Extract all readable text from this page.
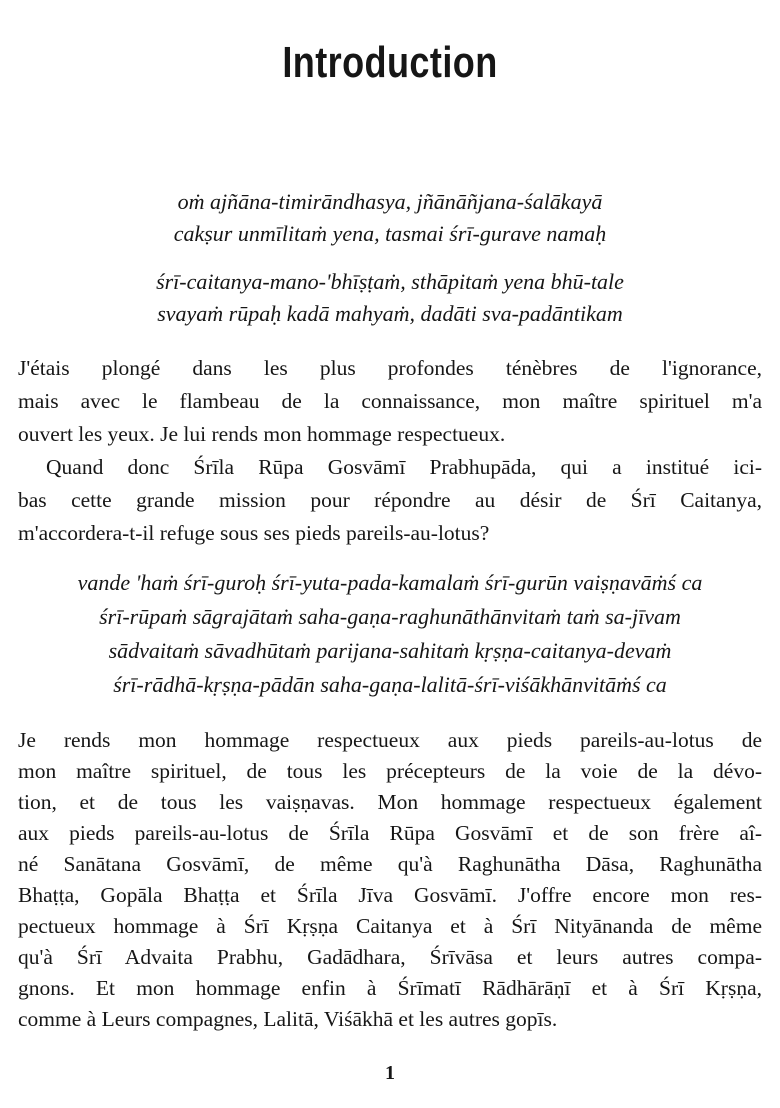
Introduction
oṁ ajñāna-timirāndhasya, jñānāñjana-śalākayā
cakṣur unmīlitaṁ yena, tasmai śrī-gurave namaḥ
śrī-caitanya-mano-'bhīṣṭaṁ, sthāpitaṁ yena bhū-tale
svayaṁ rūpaḥ kadā mahyaṁ, dadāti sva-padāntikam
J'étais plongé dans les plus profondes ténèbres de l'ignorance,
mais avec le flambeau de la connaissance, mon maître spirituel m'a
ouvert les yeux. Je lui rends mon hommage respectueux.
Quand donc Śrīla Rūpa Gosvāmī Prabhupāda, qui a institué ici-
bas cette grande mission pour répondre au désir de Śrī Caitanya,
m'accordera-t-il refuge sous ses pieds pareils-au-lotus?
vande 'haṁ śrī-guroḥ śrī-yuta-pada-kamalaṁ śrī-gurūn vaiṣṇavāṁś ca
śrī-rūpaṁ sāgrajātaṁ saha-gaṇa-raghunāthānvitaṁ taṁ sa-jīvam
sādvaitaṁ sāvadhūtaṁ parijana-sahitaṁ kṛṣṇa-caitanya-devaṁ
śrī-rādhā-kṛṣṇa-pādān saha-gaṇa-lalitā-śrī-viśākhānvitāṁś ca
Je rends mon hommage respectueux aux pieds pareils-au-lotus de
mon maître spirituel, de tous les précepteurs de la voie de la dévo-
tion, et de tous les vaiṣṇavas. Mon hommage respectueux également
aux pieds pareils-au-lotus de Śrīla Rūpa Gosvāmī et de son frère aî-
né Sanātana Gosvāmī, de même qu'à Raghunātha Dāsa, Raghunātha
Bhaṭṭa, Gopāla Bhaṭṭa et Śrīla Jīva Gosvāmī. J'offre encore mon res-
pectueux hommage à Śrī Kṛṣṇa Caitanya et à Śrī Nityānanda de même
qu'à Śrī Advaita Prabhu, Gadādhara, Śrīvāsa et leurs autres compa-
gnons. Et mon hommage enfin à Śrīmatī Rādhārāṇī et à Śrī Kṛṣṇa,
comme à Leurs compagnes, Lalitā, Viśākhā et les autres gopīs.
1
